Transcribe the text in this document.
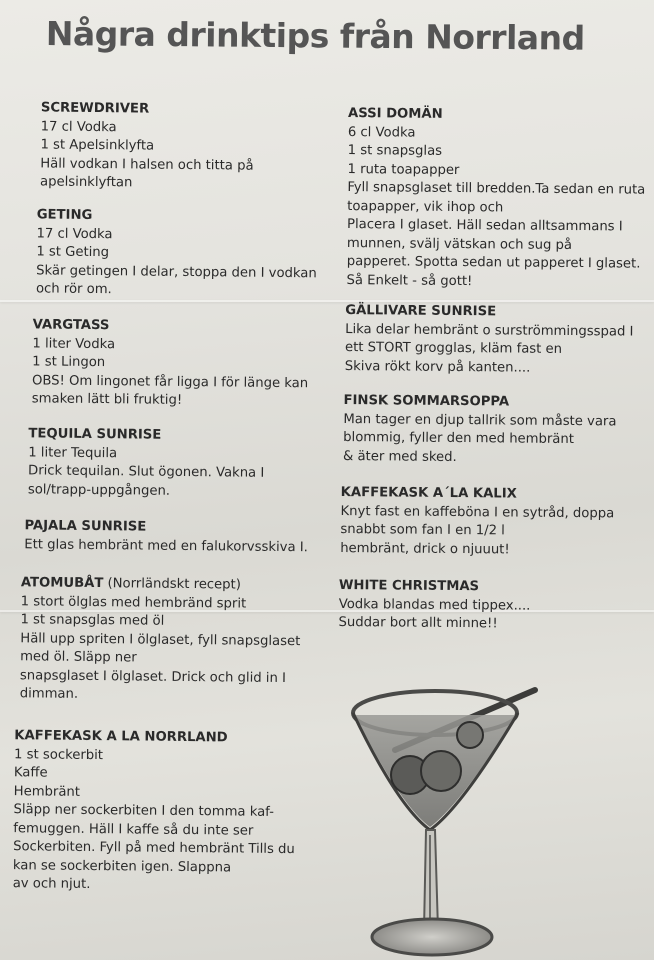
Några drinktips från Norrland

SCREWDRIVER

17 cl Vodka

1 st Apelsinklyfta

Häll vodkan I halsen och titta på

apelsinklyftan

GETING

17 cl Vodka

1 st Geting

Skär getingen I delar, stoppa den I vodkan

och rör om.

VARGTASS

1 liter Vodka

1 st Lingon

OBS! Om lingonet får ligga I för länge kan

smaken lätt bli fruktig!

TEQUILA SUNRISE

1 liter Tequila

Drick tequilan. Slut ögonen. Vakna I

sol/trapp-uppgången.

PAJALA SUNRISE

Ett glas hembränt med en falukorvsskiva I.

ATOMUBÅT (Norrländskt recept)

1 stort ölglas med hembränd sprit

1 st snapsglas med öl

Häll upp spriten I ölglaset, fyll snapsglaset

med öl. Släpp ner

snapsglaset I ölglaset. Drick och glid in I

dimman.

KAFFEKASK A LA NORRLAND

1 st sockerbit

Kaffe

Hembränt

Släpp ner sockerbiten I den tomma kaf-

femuggen. Häll I kaffe så du inte ser

Sockerbiten. Fyll på med hembränt Tills du

kan se sockerbiten igen. Slappna

av och njut.

ASSI DOMÄN

6 cl Vodka

1 st snapsglas

1 ruta toapapper

Fyll snapsglaset till bredden.Ta sedan en ruta

toapapper, vik ihop och

Placera I glaset. Häll sedan alltsammans I

munnen, svälj vätskan och sug på

papperet. Spotta sedan ut papperet I glaset.

Så Enkelt - så gott!

GÄLLIVARE SUNRISE

Lika delar hembränt o surströmmingsspad I

ett STORT grogglas, kläm fast en

Skiva rökt korv på kanten....

FINSK SOMMARSOPPA

Man tager en djup tallrik som måste vara

blommig, fyller den med hembränt

& äter med sked.

KAFFEKASK A´LA KALIX

Knyt fast en kaffeböna I en sytråd, doppa

snabbt som fan I en 1/2 l

hembränt, drick o njuuut!

WHITE CHRISTMAS

Vodka blandas med tippex....

Suddar bort allt minne!!
